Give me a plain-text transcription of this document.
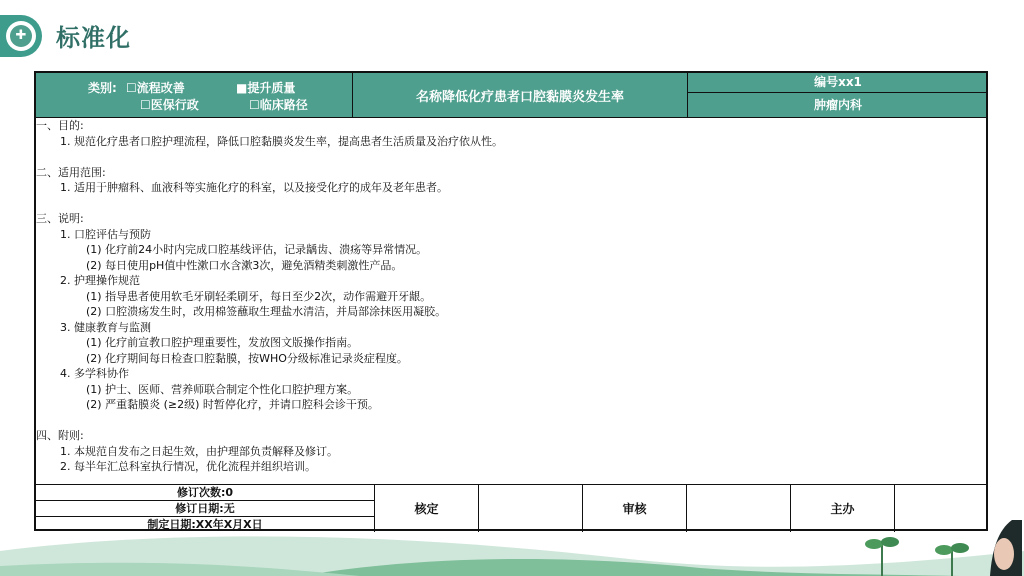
✚ 标准化
类别: ☐流程改善	■提升质量
☐医保行政	☐临床路径
名称降低化疗患者口腔黏膜炎发生率
编号xx1
肿瘤内科
一、目的:
1. 规范化疗患者口腔护理流程，降低口腔黏膜炎发生率，提高患者生活质量及治疗依从性。
二、适用范围:
1. 适用于肿瘤科、血液科等实施化疗的科室，以及接受化疗的成年及老年患者。
三、说明:
1. 口腔评估与预防
(1) 化疗前24小时内完成口腔基线评估，记录龋齿、溃疡等异常情况。
(2) 每日使用pH值中性漱口水含漱3次，避免酒精类刺激性产品。
2. 护理操作规范
(1) 指导患者使用软毛牙刷轻柔刷牙，每日至少2次，动作需避开牙龈。
(2) 口腔溃疡发生时，改用棉签蘸取生理盐水清洁，并局部涂抹医用凝胶。
3. 健康教育与监测
(1) 化疗前宣教口腔护理重要性，发放图文版操作指南。
(2) 化疗期间每日检查口腔黏膜，按WHO分级标准记录炎症程度。
4. 多学科协作
(1) 护士、医师、营养师联合制定个性化口腔护理方案。
(2) 严重黏膜炎 (≥2级) 时暂停化疗，并请口腔科会诊干预。
四、附则:
1. 本规范自发布之日起生效，由护理部负责解释及修订。
2. 每半年汇总科室执行情况，优化流程并组织培训。
修订次数:0
修订日期:无
制定日期:XX年X月X日
核定	审核	主办
